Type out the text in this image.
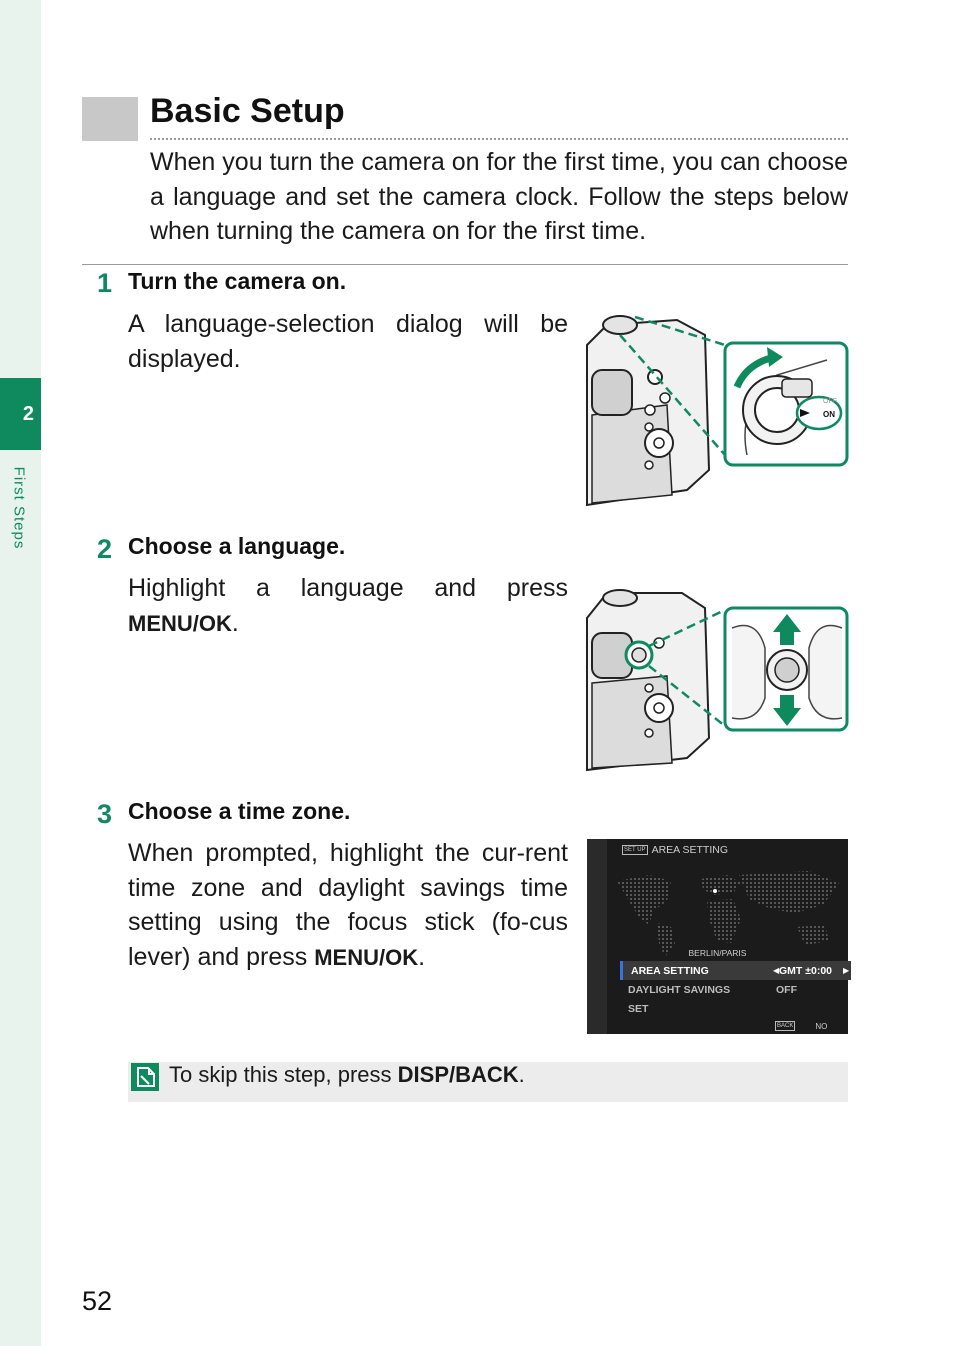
2
First Steps
Basic Setup

When you turn the camera on for the first time, you can choose a language and set the camera clock. Follow the steps below when turning the camera on for the first time.

1 Turn the camera on.

A language-selection dialog will be displayed.

OFF
ON
2 Choose a language.

Highlight a language and press MENU/OK.

3 Choose a time zone.

When prompted, highlight the cur-rent time zone and daylight savings time setting using the focus stick (fo-cus lever) and press MENU/OK.

SET UP AREA SETTING
BERLIN/PARIS
AREA SETTING	◀ GMT ±0:00 ▶
DAYLIGHT SAVINGS	OFF
SET
BACK	NO
To skip this step, press DISP/BACK.
52
